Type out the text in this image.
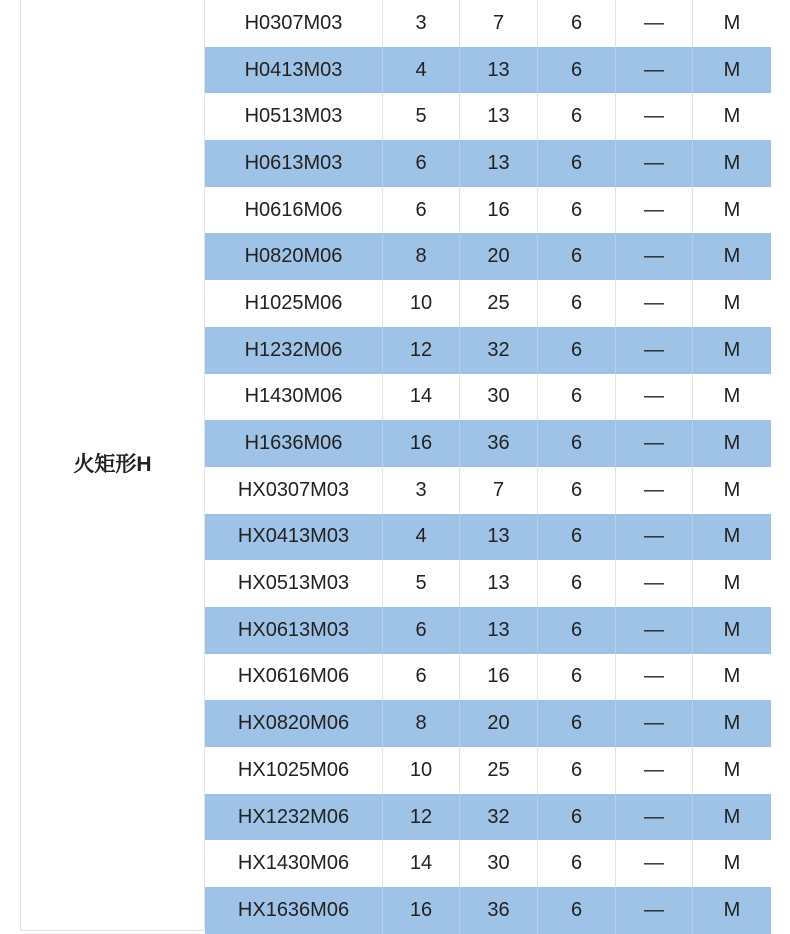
火矩形H
H0307M03	3	7	6	—	M
H0413M03	4	13	6	—	M
H0513M03	5	13	6	—	M
H0613M03	6	13	6	—	M
H0616M06	6	16	6	—	M
H0820M06	8	20	6	—	M
H1025M06	10	25	6	—	M
H1232M06	12	32	6	—	M
H1430M06	14	30	6	—	M
H1636M06	16	36	6	—	M
HX0307M03	3	7	6	—	M
HX0413M03	4	13	6	—	M
HX0513M03	5	13	6	—	M
HX0613M03	6	13	6	—	M
HX0616M06	6	16	6	—	M
HX0820M06	8	20	6	—	M
HX1025M06	10	25	6	—	M
HX1232M06	12	32	6	—	M
HX1430M06	14	30	6	—	M
HX1636M06	16	36	6	—	M
